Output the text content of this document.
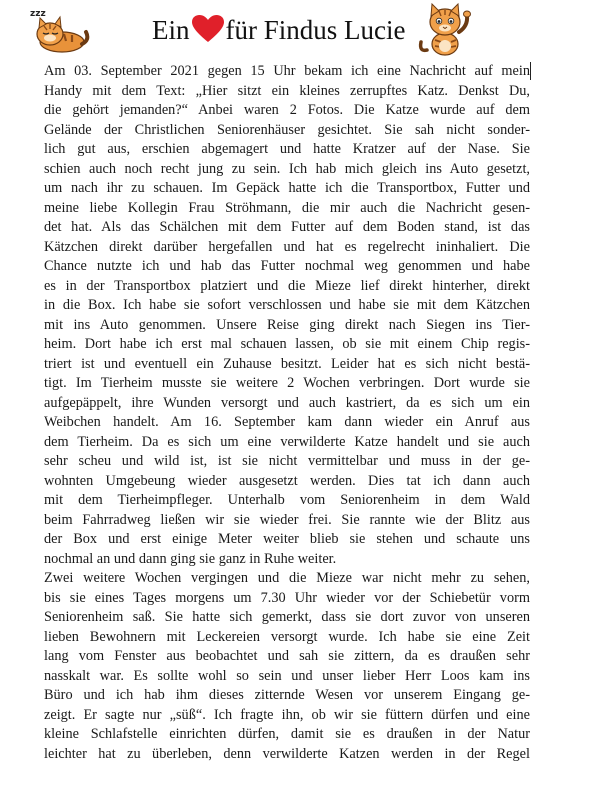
zzz
Ein für Findus Lucie

Am 03. September 2021 gegen 15 Uhr bekam ich eine Nachricht auf mein

Handy mit dem Text: „Hier sitzt ein kleines zerrupftes Katz. Denkst Du,

die gehört jemanden?“ Anbei waren 2 Fotos. Die Katze wurde auf dem

Gelände der Christlichen Seniorenhäuser gesichtet. Sie sah nicht sonder-

lich gut aus, erschien abgemagert und hatte Kratzer auf der Nase. Sie

schien auch noch recht jung zu sein. Ich hab mich gleich ins Auto gesetzt,

um nach ihr zu schauen. Im Gepäck hatte ich die Transportbox, Futter und

meine liebe Kollegin Frau Ströhmann, die mir auch die Nachricht gesen-

det hat. Als das Schälchen mit dem Futter auf dem Boden stand, ist das

Kätzchen direkt darüber hergefallen und hat es regelrecht ininhaliert. Die

Chance nutzte ich und hab das Futter nochmal weg genommen und habe

es in der Transportbox platziert und die Mieze lief direkt hinterher, direkt

in die Box. Ich habe sie sofort verschlossen und habe sie mit dem Kätzchen

mit ins Auto genommen. Unsere Reise ging direkt nach Siegen ins Tier-

heim. Dort habe ich erst mal schauen lassen, ob sie mit einem Chip regis-

triert ist und eventuell ein Zuhause besitzt. Leider hat es sich nicht bestä-

tigt. Im Tierheim musste sie weitere 2 Wochen verbringen. Dort wurde sie

aufgepäppelt, ihre Wunden versorgt und auch kastriert, da es sich um ein

Weibchen handelt. Am 16. September kam dann wieder ein Anruf aus

dem Tierheim. Da es sich um eine verwilderte Katze handelt und sie auch

sehr scheu und wild ist, ist sie nicht vermittelbar und muss in der ge-

wohnten Umgebeung wieder ausgesetzt werden. Dies tat ich dann auch

mit dem Tierheimpfleger. Unterhalb vom Seniorenheim in dem Wald

beim Fahrradweg ließen wir sie wieder frei. Sie rannte wie der Blitz aus

der Box und erst einige Meter weiter blieb sie stehen und schaute uns

nochmal an und dann ging sie ganz in Ruhe weiter.

Zwei weitere Wochen vergingen und die Mieze war nicht mehr zu sehen,

bis sie eines Tages morgens um 7.30 Uhr wieder vor der Schiebetür vorm

Seniorenheim saß. Sie hatte sich gemerkt, dass sie dort zuvor von unseren

lieben Bewohnern mit Leckereien versorgt wurde. Ich habe sie eine Zeit

lang vom Fenster aus beobachtet und sah sie zittern, da es draußen sehr

nasskalt war. Es sollte wohl so sein und unser lieber Herr Loos kam ins

Büro und ich hab ihm dieses zitternde Wesen vor unserem Eingang ge-

zeigt. Er sagte nur „süß“. Ich fragte ihn, ob wir sie füttern dürfen und eine

kleine Schlafstelle einrichten dürfen, damit sie es draußen in der Natur

leichter hat zu überleben, denn verwilderte Katzen werden in der Regel
